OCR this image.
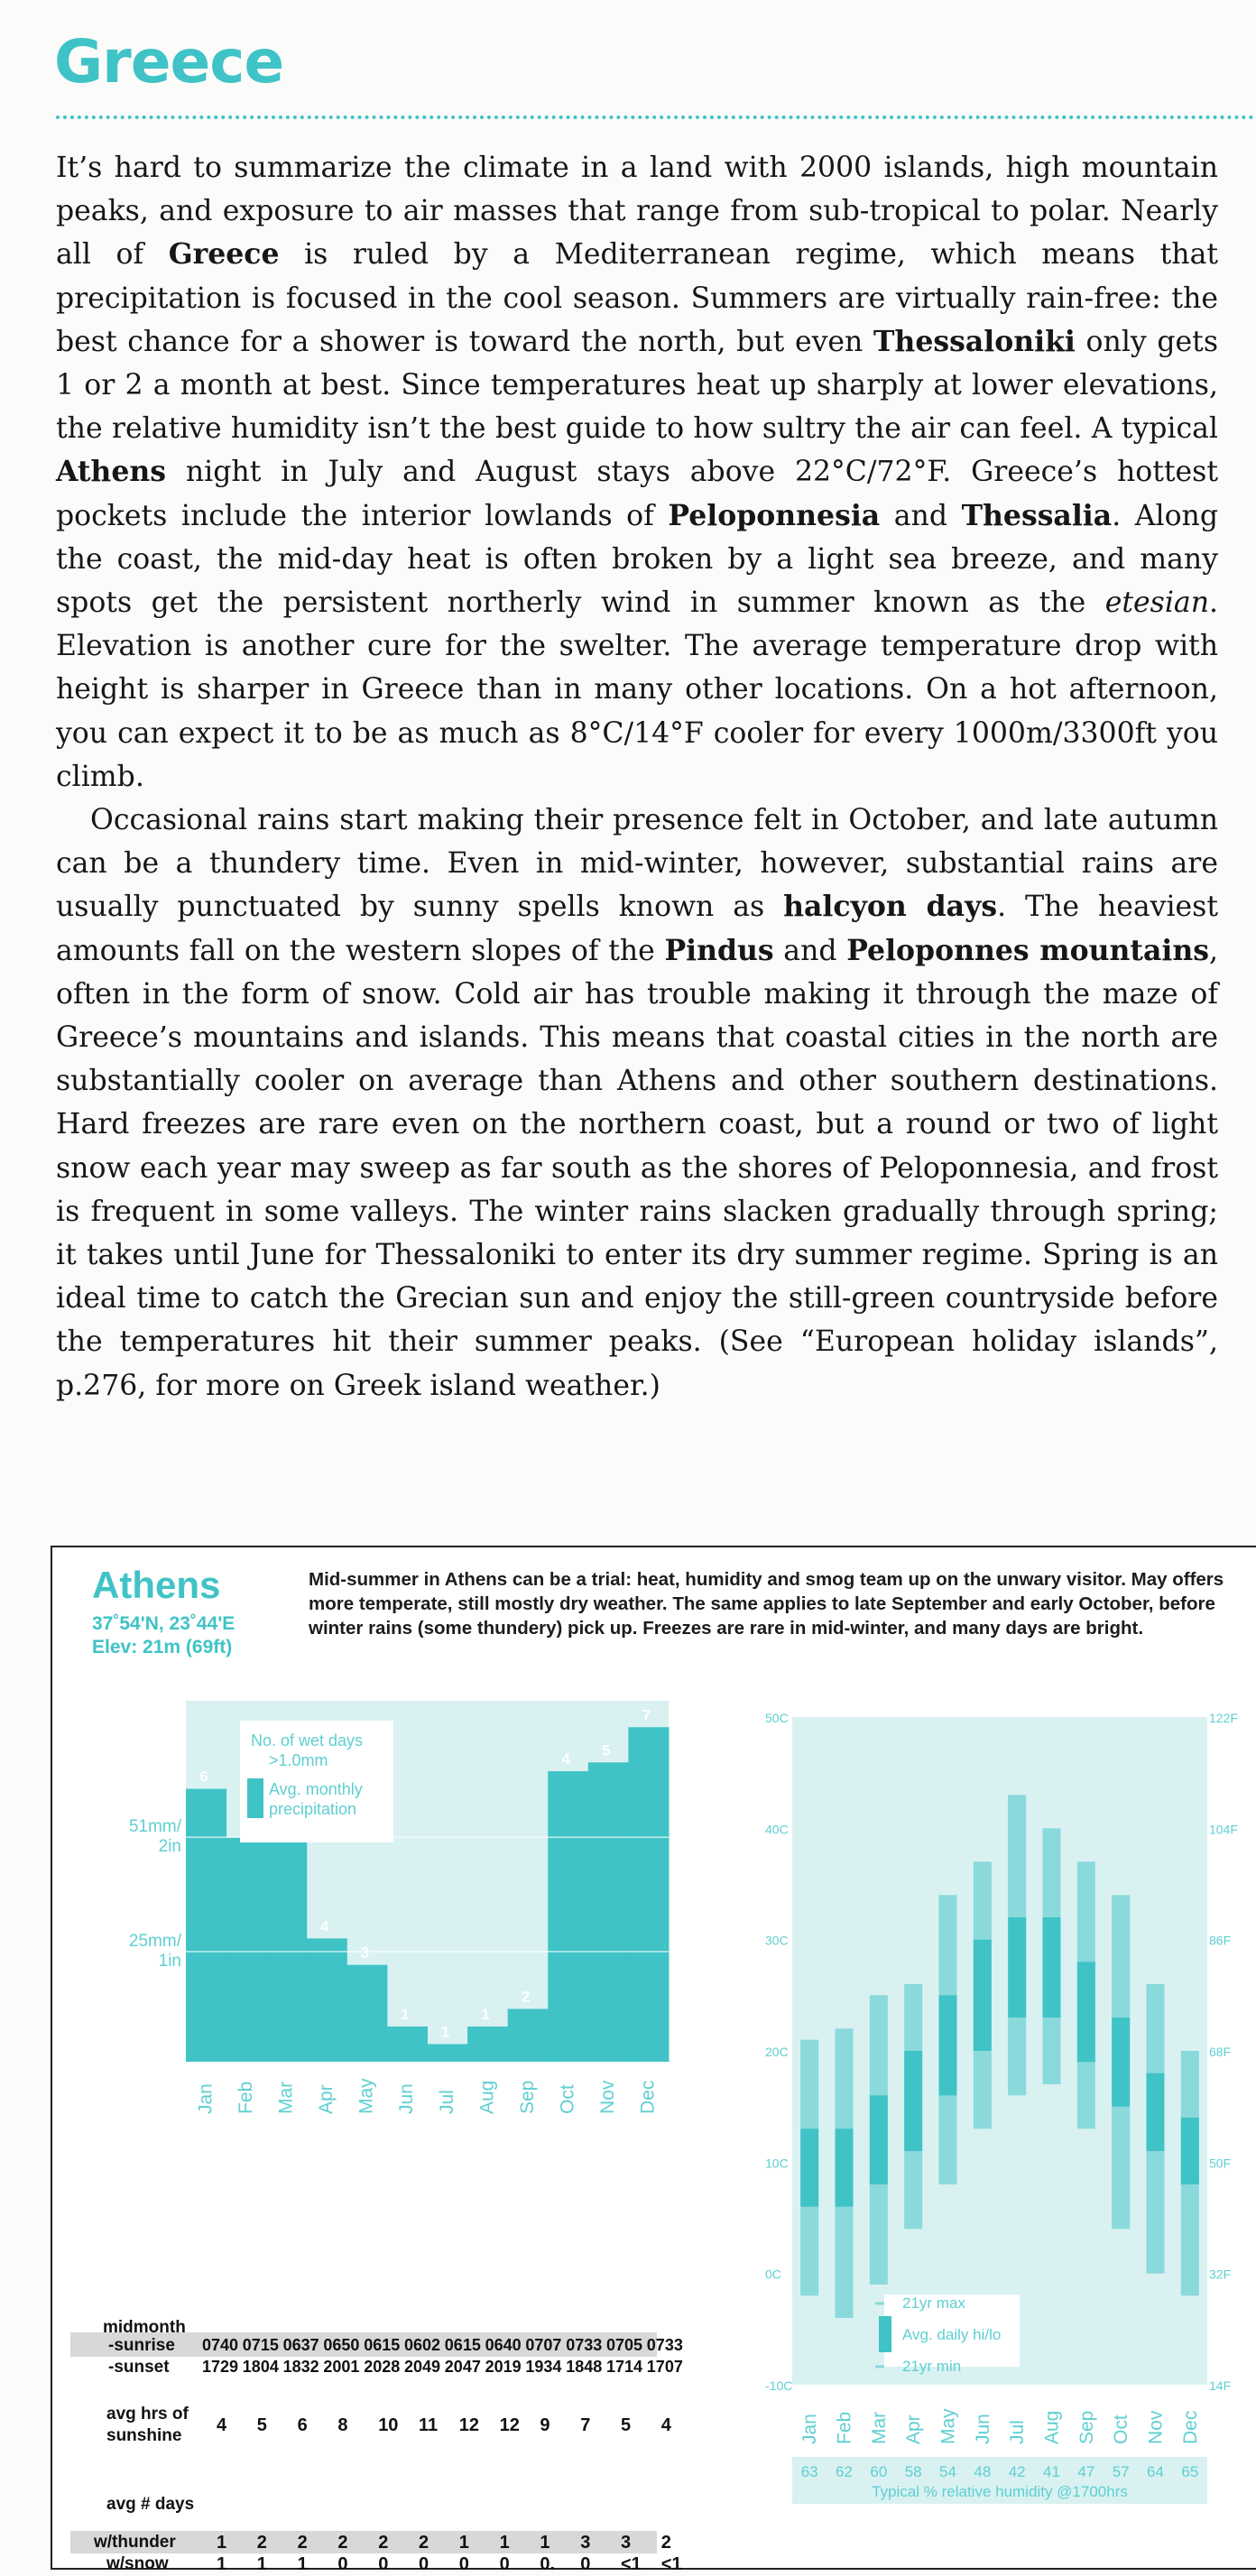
Greece

It’s hard to summarize the climate in a land with 2000 islands, high mountain peaks, and exposure to air masses that range from sub-tropical to polar. Nearly all of Greece is ruled by a Mediterranean regime, which means that precipitation is focused in the cool season. Summers are virtually rain-free: the best chance for a shower is toward the north, but even Thessaloniki only gets 1 or 2 a month at best. Since temperatures heat up sharply at lower elevations, the relative humidity isn’t the best guide to how sultry the air can feel. A typical Athens night in July and August stays above 22°C/72°F. Greece’s hottest pockets include the interior lowlands of Peloponnesia and Thessalia. Along the coast, the mid-day heat is often broken by a light sea breeze, and many spots get the persistent northerly wind in summer known as the etesian. Elevation is another cure for the swelter. The average temperature drop with height is sharper in Greece than in many other locations. On a hot afternoon, you can expect it to be as much as 8°C/14°F cooler for every 1000m/3300ft you climb.

Occasional rains start making their presence felt in October, and late autumn can be a thundery time. Even in mid-winter, however, substantial rains are usually punctuated by sunny spells known as halcyon days. The heaviest amounts fall on the western slopes of the Pindus and Peloponnes mountains, often in the form of snow. Cold air has trouble making it through the maze of Greece’s mountains and islands. This means that coastal cities in the north are substantially cooler on average than Athens and other southern destinations. Hard freezes are rare even on the northern coast, but a round or two of light snow each year may sweep as far south as the shores of Peloponnesia, and frost is frequent in some valleys. The winter rains slacken gradually through spring; it takes until June for Thessaloniki to enter its dry summer regime. Spring is an ideal time to catch the Grecian sun and enjoy the still-green countryside before the temperatures hit their summer peaks. (See “European holiday islands”, p.276, for more on Greek island weather.)

Athens
37˚54'N, 23˚44'E
Elev: 21m (69ft)
Mid-summer in Athens can be a trial: heat, humidity and smog team up on the unwary visitor. May offers more temperate, still mostly dry weather. The same applies to late September and early October, before winter rains (some thundery) pick up. Freezes are rare in mid-winter, and many days are bright.
6
4
3
1
1
1
2
4
5
7
51mm/
2in
25mm/
1in
No. of wet days
>1.0mm
Avg. monthly
precipitation
Jan Feb Mar Apr May Jun Jul Aug Sep Oct Nov Dec
50C
40C
30C
20C
10C
0C
-10C
122F
104F
86F
68F
50F
32F
14F
21yr max
Avg. daily hi/lo
21yr min
Jan Feb Mar Apr May Jun Jul Aug Sep Oct Nov Dec
63 62 60 58 54 48 42 41 47 57 64 65
Typical % relative humidity @1700hrs
midmonth
-sunrise
-sunset
0740 0715 0637 0650 0615 0602 0615 0640 0707 0733 0705 0733
1729 1804 1832 2001 2028 2049 2047 2019 1934 1848 1714 1707
avg hrs of
sunshine
4 5 6 8 10 11 12 12 9 7 5 4
avg # days
w/thunder
w/snow
1 2 2 2 2 2 1 1 1 3 3 2
1 1 1 0 0 0 0 0 0. 0 <1 <1
